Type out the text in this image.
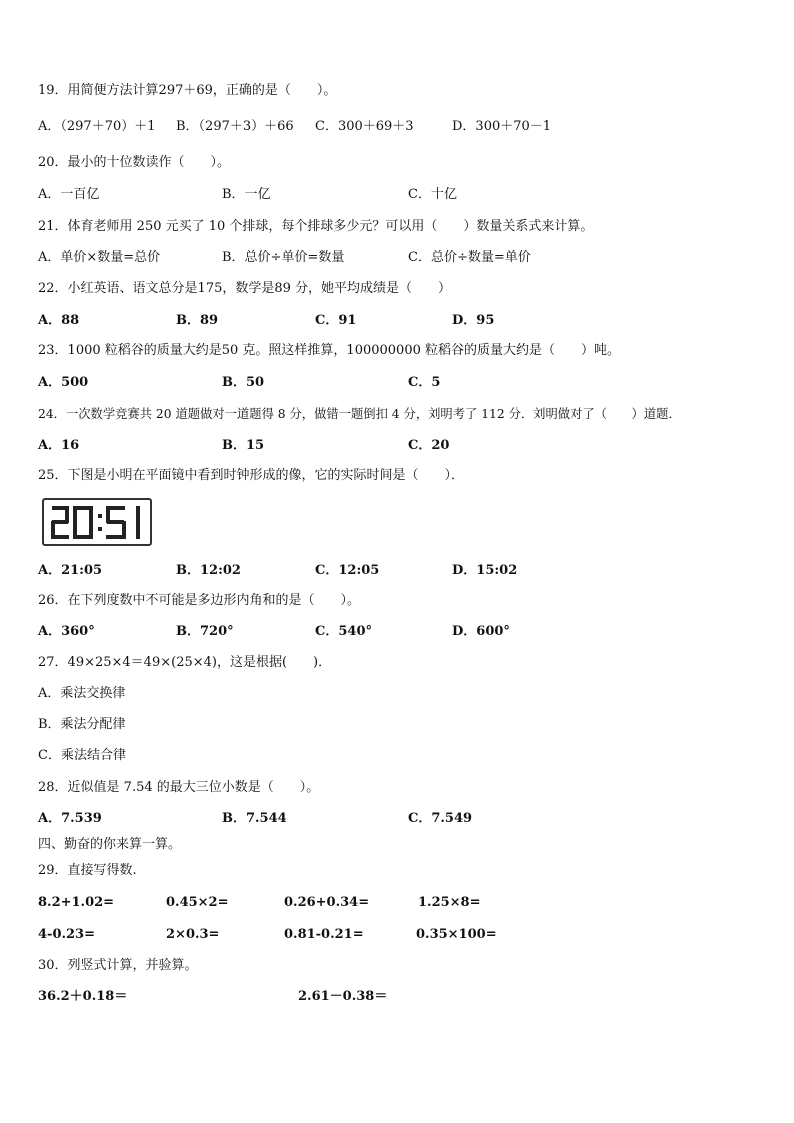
19．用简便方法计算297＋69，正确的是（　　）。
A．（297＋70）＋1 B．（297＋3）＋66 C．300＋69＋3	D．300＋70－1
20．最小的十位数读作（　　）。
A．一百亿	B．一亿	C．十亿
21．体育老师用 250 元买了 10 个排球，每个排球多少元？可以用（　　）数量关系式来计算。
A．单价×数量=总价	B．总价÷单价=数量	C．总价÷数量=单价
22．小红英语、语文总分是175，数学是89 分，她平均成绩是（　　）
A．88	B．89	C．91	D．95
23．1000 粒稻谷的质量大约是50 克。照这样推算，100000000 粒稻谷的质量大约是（　　）吨。
A．500	B．50	C．5
24．一次数学竞赛共 20 道题做对一道题得 8 分，做错一题倒扣 4 分，刘明考了 112 分．刘明做对了（　　）道题．
A．16	B．15	C．20
25．下图是小明在平面镜中看到时钟形成的像，它的实际时间是（　　）．
A．21:05	B．12:02	C．12:05	D．15:02
26．在下列度数中不可能是多边形内角和的是（　　）。
A．360°	B．720°	C．540°	D．600°
27．49×25×4＝49×(25×4)，这是根据(　　)．
A．乘法交换律
B．乘法分配律
C．乘法结合律
28．近似值是 7.54 的最大三位小数是（　　）。
A．7.539	B．7.544	C．7.549
四、勤奋的你来算一算。
29．直接写得数.
8.2+1.02=	0.45×2=	0.26+0.34=	1.25×8=
4-0.23=	2×0.3=	0.81-0.21=	0.35×100=
30．列竖式计算，并验算。
36.2＋0.18＝	2.61－0.38＝
